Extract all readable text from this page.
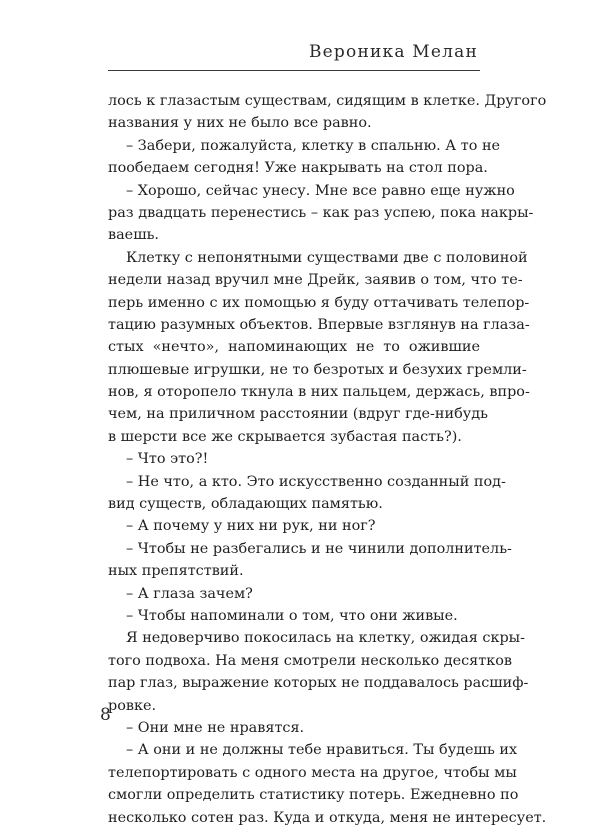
Вероника Мелан
лось к глазастым существам, сидящим в клетке. Другого
названия у них не было все равно.
– Забери, пожалуйста, клетку в спальню. А то не
пообедаем сегодня! Уже накрывать на стол пора.
– Хорошо, сейчас унесу. Мне все равно еще нужно
раз двадцать перенестись – как раз успею, пока накры-
ваешь.
Клетку с непонятными существами две с половиной
недели назад вручил мне Дрейк, заявив о том, что те-
перь именно с их помощью я буду оттачивать телепор-
тацию разумных объектов. Впервые взглянув на глаза-
стых «нечто», напоминающих не то ожившие
плюшевые игрушки, не то безротых и безухих гремли-
нов, я оторопело ткнула в них пальцем, держась, впро-
чем, на приличном расстоянии (вдруг где-нибудь
в шерсти все же скрывается зубастая пасть?).
– Что это?!
– Не что, а кто. Это искусственно созданный под-
вид существ, обладающих памятью.
– А почему у них ни рук, ни ног?
– Чтобы не разбегались и не чинили дополнитель-
ных препятствий.
– А глаза зачем?
– Чтобы напоминали о том, что они живые.
Я недоверчиво покосилась на клетку, ожидая скры-
того подвоха. На меня смотрели несколько десятков
пар глаз, выражение которых не поддавалось расшиф-
ровке.
– Они мне не нравятся.
– А они и не должны тебе нравиться. Ты будешь их
телепортировать с одного места на другое, чтобы мы
смогли определить статистику потерь. Ежедневно по
несколько сотен раз. Куда и откуда, меня не интересует.
8
